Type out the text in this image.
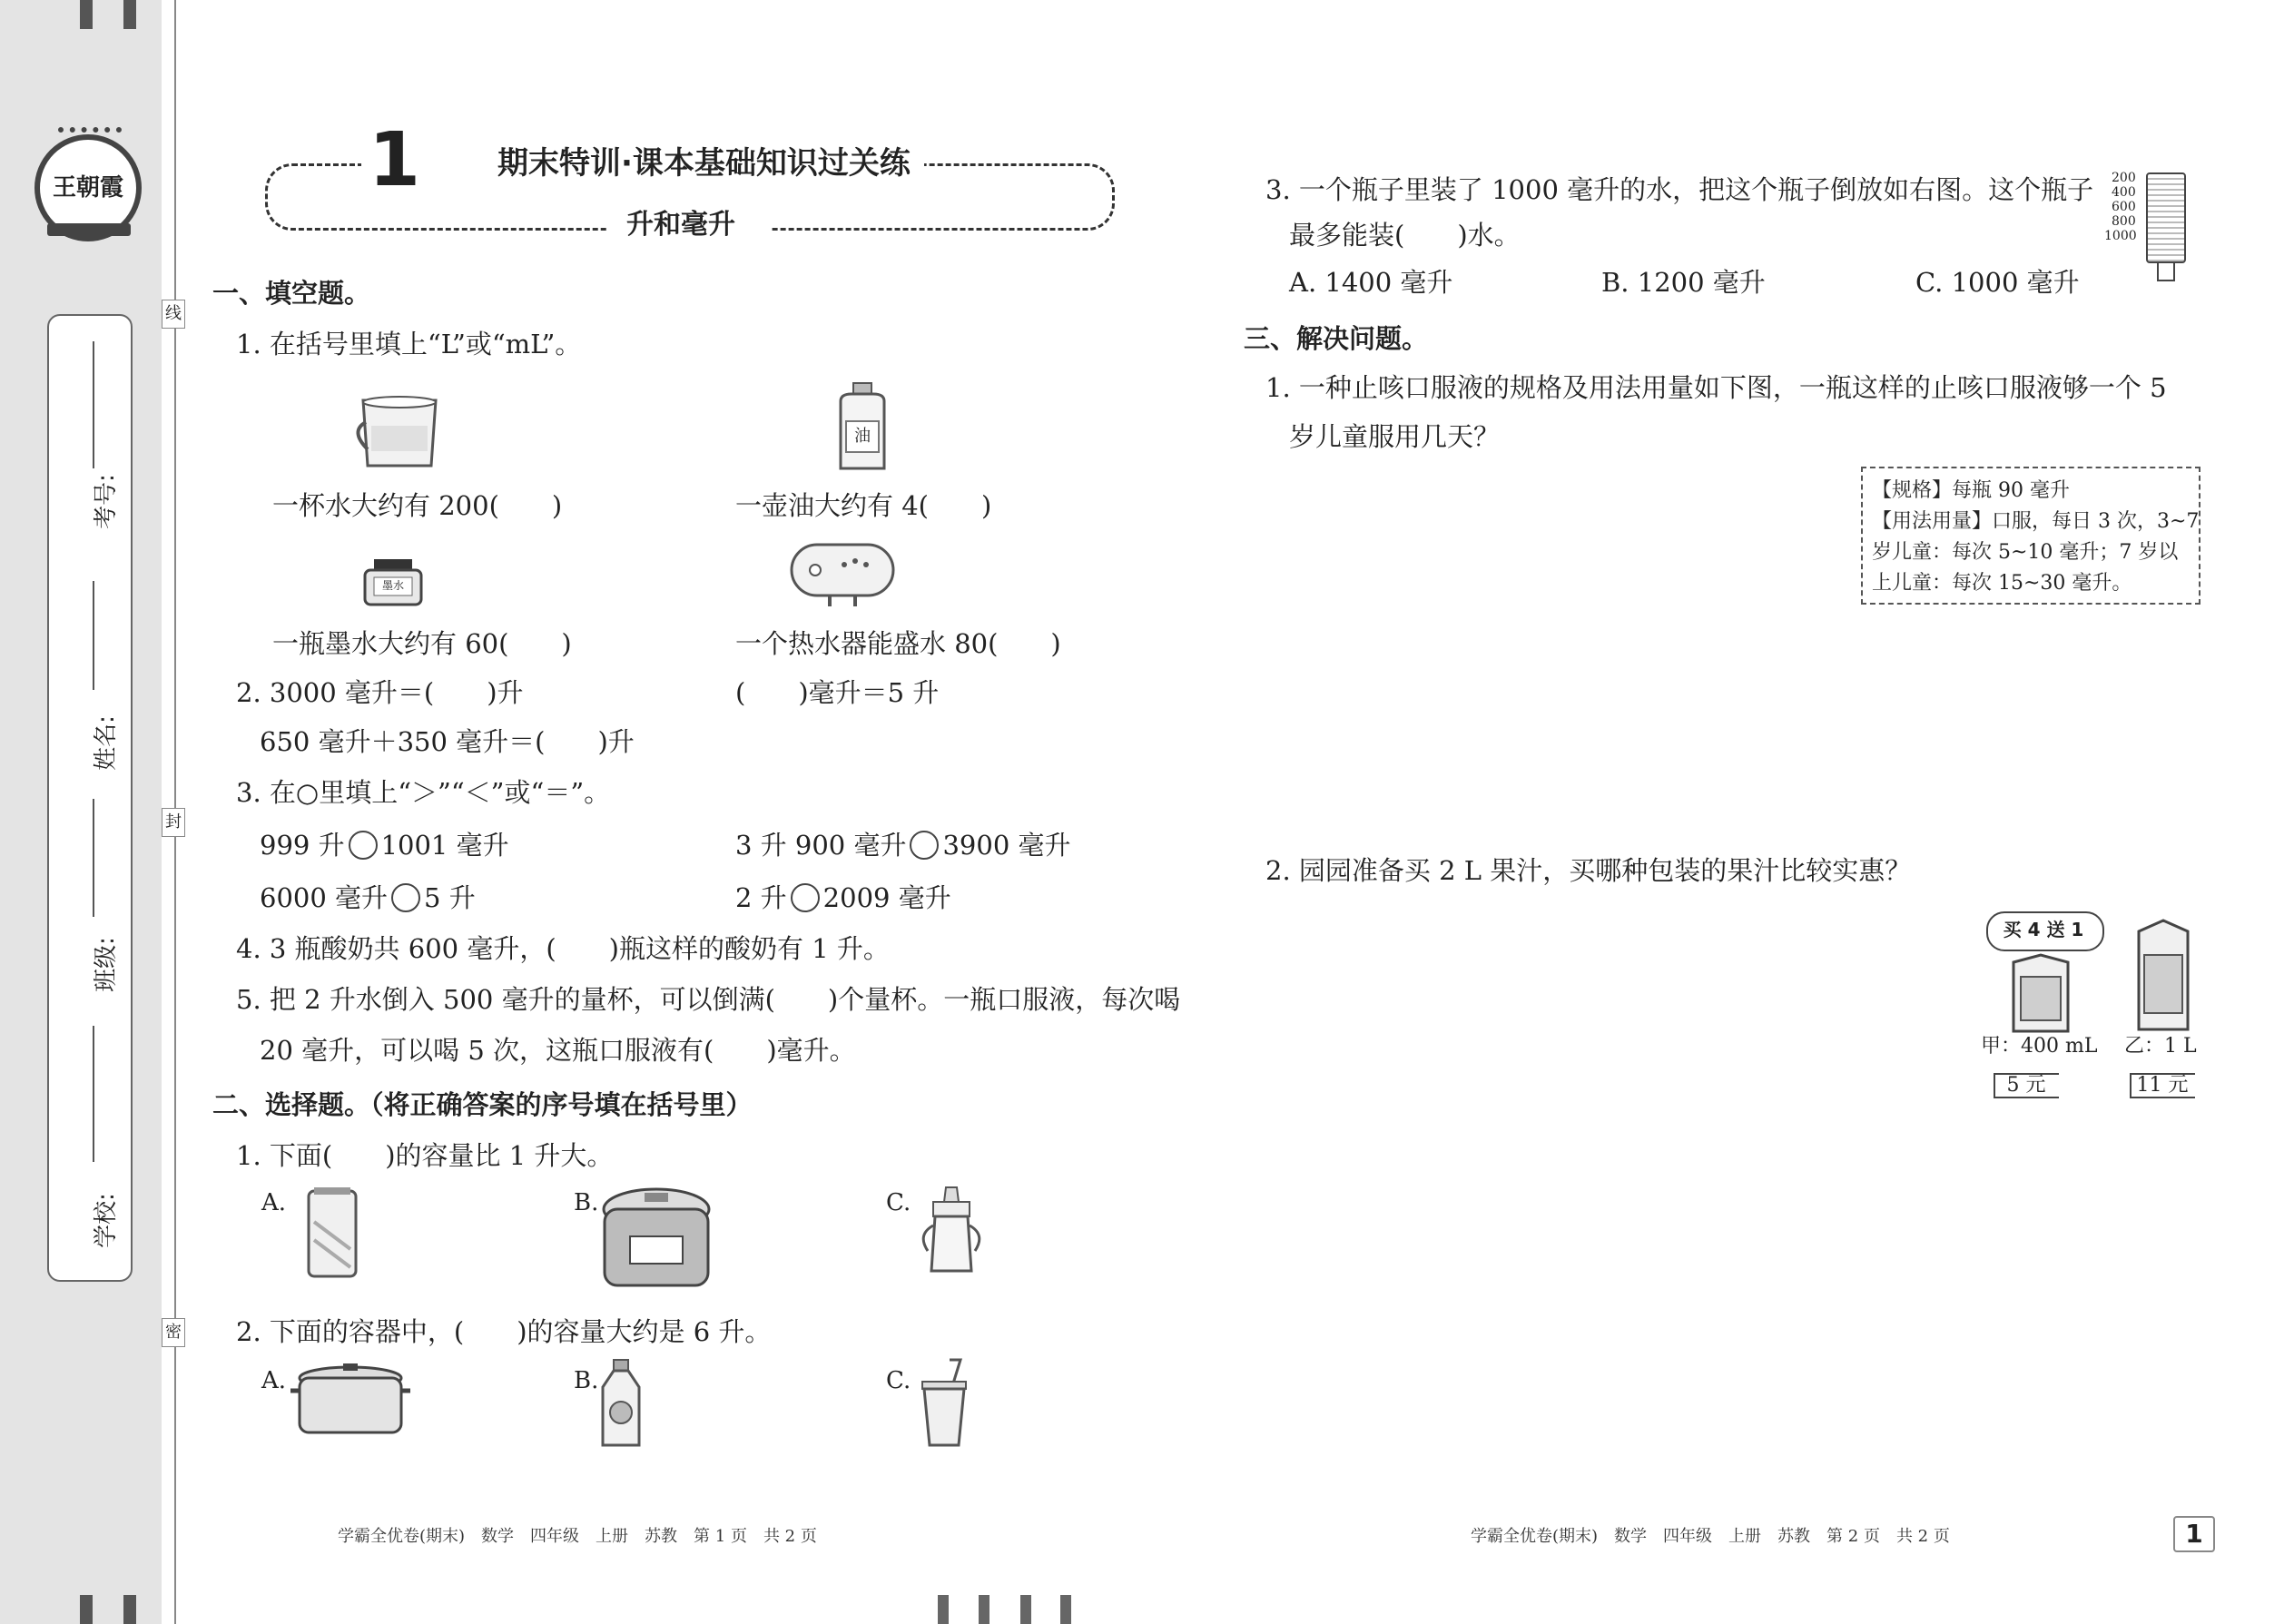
王朝霞
考号:
姓名:
班级:
学校:
线
封
密
1 期末特训·课本基础知识过关练
升和毫升
一、填空题。
1. 在括号里填上“L”或“mL”。
油
一杯水大约有 200(　　)	一壶油大约有 4(　　)
墨水
一瓶墨水大约有 60(　　)	一个热水器能盛水 80(　　)
2. 3000 毫升＝(　　)升	(　　)毫升＝5 升
650 毫升＋350 毫升＝(　　)升
3. 在○里填上“＞”“＜”或“＝”。
999 升 1001 毫升	3 升 900 毫升 3900 毫升
6000 毫升 5 升	2 升 2009 毫升
4. 3 瓶酸奶共 600 毫升，(　　)瓶这样的酸奶有 1 升。
5. 把 2 升水倒入 500 毫升的量杯，可以倒满(　　)个量杯。一瓶口服液，每次喝
20 毫升，可以喝 5 次，这瓶口服液有(　　)毫升。
二、选择题。（将正确答案的序号填在括号里）
1. 下面(　　)的容量比 1 升大。
A.	B.	C.
2. 下面的容器中，(　　)的容量大约是 6 升。
A.	B.	C.
3. 一个瓶子里装了 1000 毫升的水，把这个瓶子倒放如右图。这个瓶子
最多能装(　　)水。
A. 1400 毫升	B. 1200 毫升	C. 1000 毫升
200
400
600
800
1000
三、解决问题。
1. 一种止咳口服液的规格及用法用量如下图，一瓶这样的止咳口服液够一个 5
岁儿童服用几天？
【规格】每瓶 90 毫升
【用法用量】口服，每日 3 次，3~7
岁儿童：每次 5~10 毫升；7 岁以
上儿童：每次 15~30 毫升。
2. 园园准备买 2 L 果汁，买哪种包装的果汁比较实惠？
买 4 送 1
甲：400 mL 乙：1 L
5 元	11 元
学霸全优卷(期末)　数学　四年级　上册　苏教　第 1 页　共 2 页	学霸全优卷(期末)　数学　四年级　上册　苏教　第 2 页　共 2 页	1
